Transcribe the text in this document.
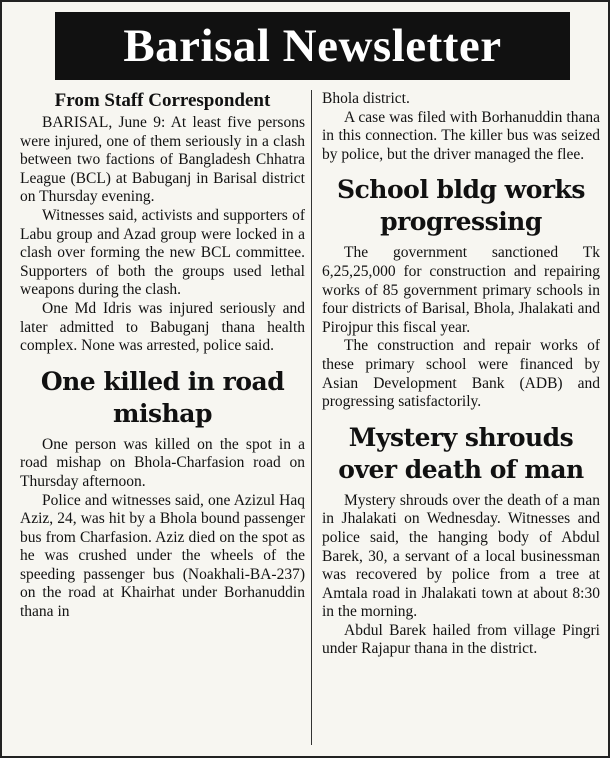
Barisal Newsletter
From Staff Correspondent

BARISAL, June 9: At least five persons were injured, one of them seriously in a clash between two factions of Bangladesh Chhatra League (BCL) at Babuganj in Barisal district on Thursday evening.

Witnesses said, activists and supporters of Labu group and Azad group were locked in a clash over forming the new BCL committee. Supporters of both the groups used lethal weapons during the clash.

One Md Idris was injured seriously and later admitted to Babuganj thana health complex. None was arrested, police said.

One killed in road mishap

One person was killed on the spot in a road mishap on Bhola-Charfasion road on Thursday afternoon.

Police and witnesses said, one Azizul Haq Aziz, 24, was hit by a Bhola bound passenger bus from Charfasion. Aziz died on the spot as he was crushed under the wheels of the speeding passenger bus (Noakhali-BA-237) on the road at Khairhat under Borhanuddin thana in

Bhola district.

A case was filed with Borhanuddin thana in this connection. The killer bus was seized by police, but the driver managed the flee.

School bldg works progressing

The government sanctioned Tk 6,25,25,000 for construction and repairing works of 85 government primary schools in four districts of Barisal, Bhola, Jhalakati and Pirojpur this fiscal year.

The construction and repair works of these primary school were financed by Asian Development Bank (ADB) and progressing satisfactorily.

Mystery shrouds over death of man

Mystery shrouds over the death of a man in Jhalakati on Wednesday. Witnesses and police said, the hanging body of Abdul Barek, 30, a servant of a local businessman was recovered by police from a tree at Amtala road in Jhalakati town at about 8:30 in the morning.

Abdul Barek hailed from village Pingri under Rajapur thana in the district.
